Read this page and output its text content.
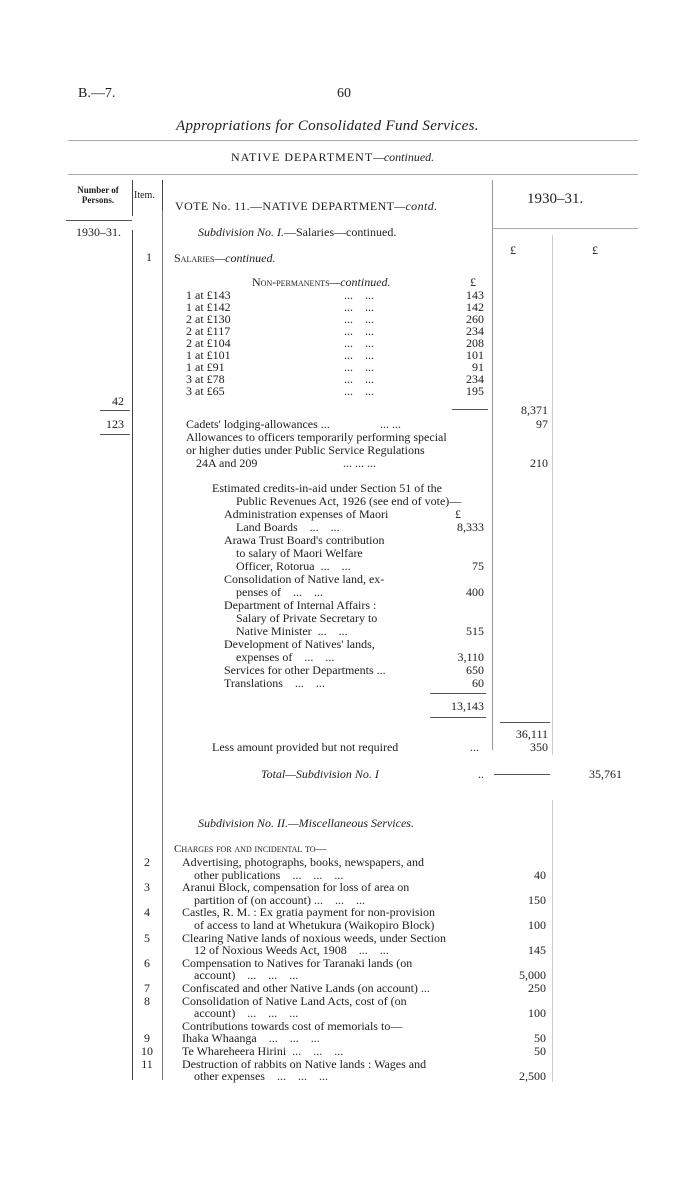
B.—7.	60
Appropriations for Consolidated Fund Services.
NATIVE DEPARTMENT—continued.
Number of Persons.	Item.
VOTE No. 11.—NATIVE DEPARTMENT—contd.	1930–31.
1930–31.	Subdivision No. I.—Salaries—continued.
£	£
1 Salaries—continued.
Non-permanents—continued.	£
1 at £143	...    ...	143
1 at £142	...    ...	142
2 at £130	...    ...	260
2 at £117	...    ...	234
2 at £104	...    ...	208
1 at £101	...    ...	101
1 at £91	...    ...	91
3 at £78	...    ...	234
3 at £65	...    ...	195
42
8,371
123	Cadets' lodging-allowances ...	... ...	97
Allowances to officers temporarily performing special
or higher duties under Public Service Regulations
24A and 209	... ... ...	210
Estimated credits-in-aid under Section 51 of the
Public Revenues Act, 1926 (see end of vote)—
£
Administration expenses of Maori
Land Boards    ...    ...	8,333
Arawa Trust Board's contribution
to salary of Maori Welfare
Officer, Rotorua  ...    ...	75
Consolidation of Native land, ex-
penses of    ...    ...	400
Department of Internal Affairs :
Salary of Private Secretary to
Native Minister  ...    ...	515
Development of Natives' lands,
expenses of    ...    ...	3,110
Services for other Departments ...	650
Translations    ...    ...	60
13,143
36,111
Less amount provided but not required	...	350
Total—Subdivision No. I	..	35,761
Subdivision No. II.—Miscellaneous Services.
Charges for and incidental to—
2	Advertising, photographs, books, newspapers, and
other publications    ...    ...    ...	40
3	Aranui Block, compensation for loss of area on
partition of (on account) ...    ...    ...	150
4	Castles, R. M. : Ex gratia payment for non-provision
of access to land at Whetukura (Waikopiro Block)	100
5	Clearing Native lands of noxious weeds, under Section
12 of Noxious Weeds Act, 1908    ...    ...	145
6	Compensation to Natives for Taranaki lands (on
account)    ...    ...    ...	5,000
7	Confiscated and other Native Lands (on account) ...	250
8	Consolidation of Native Land Acts, cost of (on
account)    ...    ...    ...	100
Contributions towards cost of memorials to—
9	Ihaka Whaanga    ...    ...    ...	50
10	Te Whareheera Hirini  ...    ...    ...	50
11	Destruction of rabbits on Native lands : Wages and
other expenses    ...    ...    ...	2,500
